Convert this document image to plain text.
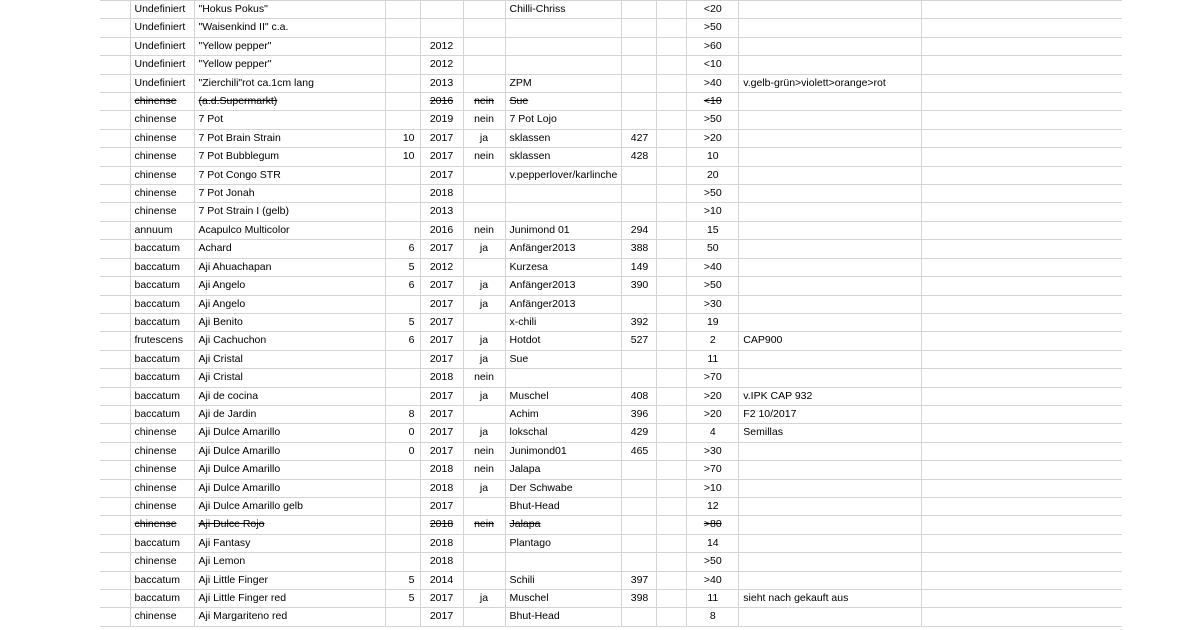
	Undefiniert	"Hokus Pokus"				Chilli-Chriss			<20		
	Undefiniert	"Waisenkind II" c.a.							>50		
	Undefiniert	"Yellow pepper"		2012					>60		
	Undefiniert	"Yellow pepper"		2012					<10		
	Undefiniert	"Zierchili"rot ca.1cm lang		2013		ZPM			>40	v.gelb-grün>violett>orange>rot	
	chinense	(a.d.Supermarkt)		2016	nein	Sue			<10		
	chinense	7 Pot		2019	nein	7 Pot Lojo			>50		
	chinense	7 Pot Brain Strain	10	2017	ja	sklassen	427		>20		
	chinense	7 Pot Bubblegum	10	2017	nein	sklassen	428		10		
	chinense	7 Pot Congo STR		2017		v.pepperlover/karlinche			20		
	chinense	7 Pot Jonah		2018					>50		
	chinense	7 Pot Strain I (gelb)		2013					>10		
	annuum	Acapulco Multicolor		2016	nein	Junimond 01	294		15		
	baccatum	Achard	6	2017	ja	Anfänger2013	388		50		
	baccatum	Aji Ahuachapan	5	2012		Kurzesa	149		>40		
	baccatum	Aji Angelo	6	2017	ja	Anfänger2013	390		>50		
	baccatum	Aji Angelo		2017	ja	Anfänger2013			>30		
	baccatum	Aji Benito	5	2017		x-chili	392		19		
	frutescens	Aji Cachuchon	6	2017	ja	Hotdot	527		2	CAP900	
	baccatum	Aji Cristal		2017	ja	Sue			11		
	baccatum	Aji Cristal		2018	nein				>70		
	baccatum	Aji de cocina		2017	ja	Muschel	408		>20	v.IPK CAP 932	
	baccatum	Aji de Jardin	8	2017		Achim	396		>20	F2 10/2017	
	chinense	Aji Dulce Amarillo	0	2017	ja	lokschal	429		4	Semillas	
	chinense	Aji Dulce Amarillo	0	2017	nein	Junimond01	465		>30		
	chinense	Aji Dulce Amarillo		2018	nein	Jalapa			>70		
	chinense	Aji Dulce Amarillo		2018	ja	Der Schwabe			>10		
	chinense	Aji Dulce Amarillo gelb		2017		Bhut-Head			12		
	chinense	Aji Dulce Rojo		2018	nein	Jalapa			>80		
	baccatum	Aji Fantasy		2018		Plantago			14		
	chinense	Aji Lemon		2018					>50		
	baccatum	Aji Little Finger	5	2014		Schili	397		>40		
	baccatum	Aji Little Finger red	5	2017	ja	Muschel	398		11	sieht nach gekauft aus	
	chinense	Aji Margariteno red		2017		Bhut-Head			8		
